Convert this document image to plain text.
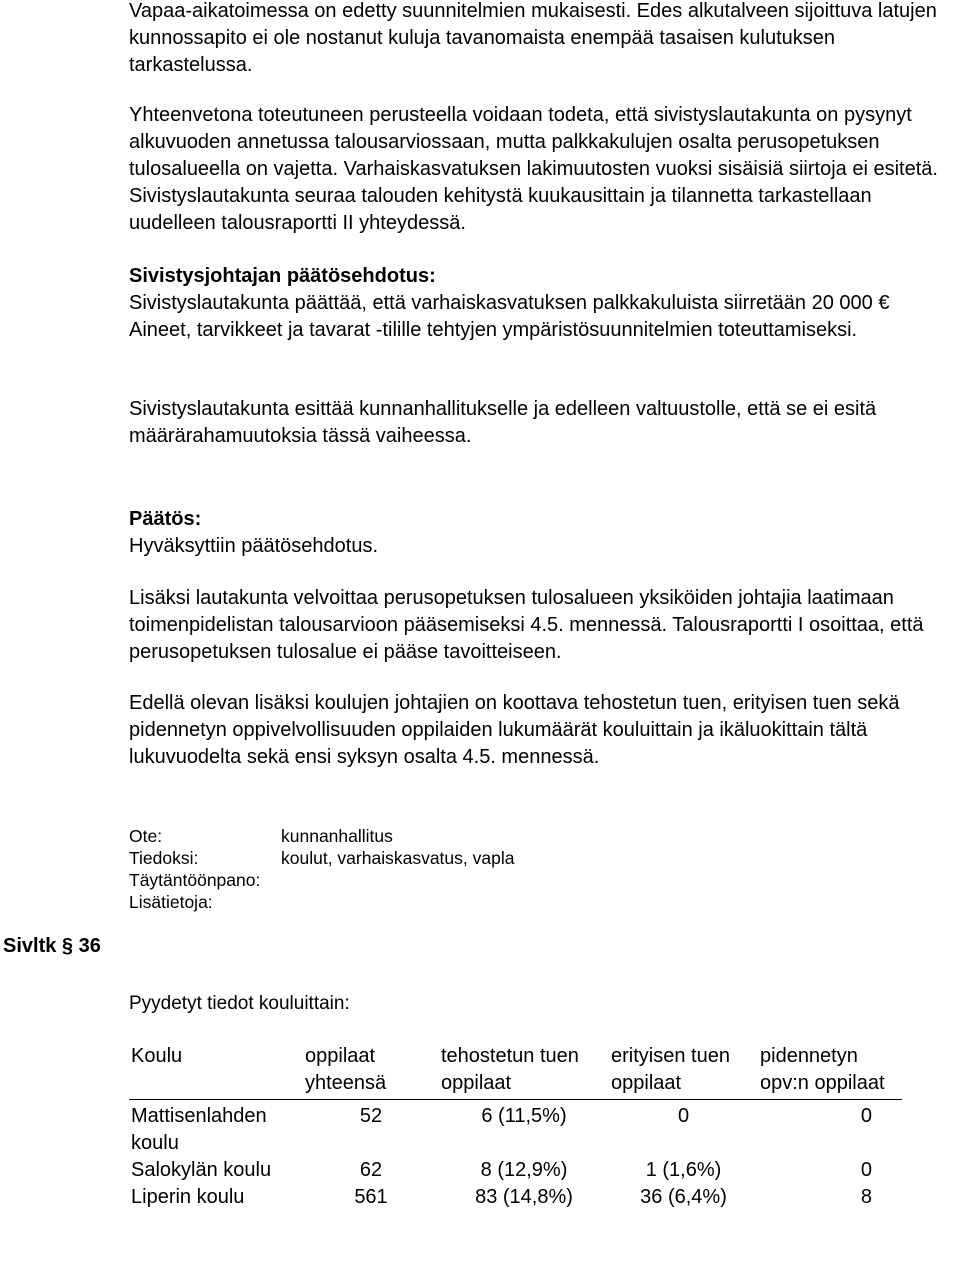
Vapaa-aikatoimessa on edetty suunnitelmien mukaisesti. Edes alkutalveen sijoittuva latujen kunnossapito ei ole nostanut kuluja tavanomaista enempää tasaisen kulutuksen tarkastelussa.

Yhteenvetona toteutuneen perusteella voidaan todeta, että sivistyslautakunta on pysynyt alkuvuoden annetussa talousarviossaan, mutta palkkakulujen osalta perusopetuksen tulosalueella on vajetta. Varhaiskasvatuksen lakimuutosten vuoksi sisäisiä siirtoja ei esitetä. Sivistyslautakunta seuraa talouden kehitystä kuukausittain ja tilannetta tarkastellaan uudelleen talousraportti II yhteydessä.

Sivistysjohtajan päätösehdotus:

Sivistyslautakunta päättää, että varhaiskasvatuksen palkkakuluista siirretään 20 000 € Aineet, tarvikkeet ja tavarat -tilille tehtyjen ympäristösuunnitelmien toteuttamiseksi.

Sivistyslautakunta esittää kunnanhallitukselle ja edelleen valtuustolle, että se ei esitä määrärahamuutoksia tässä vaiheessa.

Päätös:

Hyväksyttiin päätösehdotus.

Lisäksi lautakunta velvoittaa perusopetuksen tulosalueen yksiköiden johtajia laatimaan toimenpidelistan talousarvioon pääsemiseksi 4.5. mennessä. Talousraportti I osoittaa, että perusopetuksen tulosalue ei pääse tavoitteiseen.

Edellä olevan lisäksi koulujen johtajien on koottava tehostetun tuen, erityisen tuen sekä pidennetyn oppivelvollisuuden oppilaiden lukumäärät kouluittain ja ikäluokittain tältä lukuvuodelta sekä ensi syksyn osalta 4.5. mennessä.

Ote:	kunnanhallitus
Tiedoksi:	koulut, varhaiskasvatus, vapla
Täytäntöönpano:
Lisätietoja:
Sivltk § 36

Pyydetyt tiedot kouluittain:

Koulu	oppilaat yhteensä	tehostetun tuen oppilaat	erityisen tuen oppilaat	pidennetyn opv:n oppilaat
Mattisenlahden koulu	52	6 (11,5%)	0	0
Salokylän koulu	62	8 (12,9%)	1 (1,6%)	0
Liperin koulu	561	83 (14,8%)	36 (6,4%)	8
